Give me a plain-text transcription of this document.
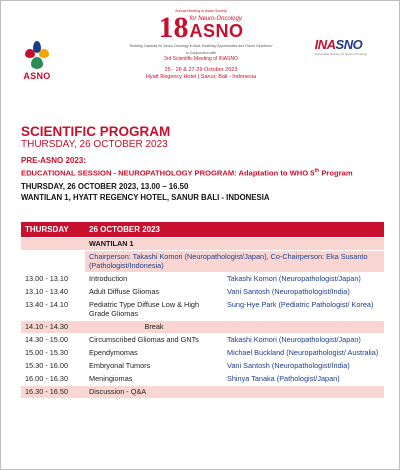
ASNO
Annual Meeting of Asian Society
18 for Neuro-Oncology
ASNO
"Building Capacity for Neuro-Oncology in Asia: Enabling Opportunities and Future Directions"
In Conjunction with
3rd Scientific Meeting of INASNO
25 - 26 & 27-29 October 2023
Hyatt Regency Hotel | Sanur, Bali - Indonesia
INASNO
Indonesian Society for Neuro-Oncology
SCIENTIFIC PROGRAM
THURSDAY, 26 OCTOBER 2023
PRE-ASNO 2023:
EDUCATIONAL SESSION - NEUROPATHOLOGY PROGRAM: Adaptation to WHO 5th Program
THURSDAY, 26 OCTOBER 2023, 13.00 – 16.50
WANTILAN 1, HYATT REGENCY HOTEL, SANUR BALI - INDONESIA
THURSDAY	26 OCTOBER 2023	
	WANTILAN 1	
	Chairperson: Takashi Komori (Neuropathologist/Japan), Co-Chairperson: Eka Susanto (Pathologist/Indonesia)	
13.00 - 13.10	Introduction	Takashi Komori (Neuropathologist/Japan)
13.10 - 13.40	Adult Diffuse Gliomas	Vani Santosh (Neuropathologist/India)
13.40 - 14.10	Pediatric Type Diffuse Low & High Grade Gliomas	Sung-Hye Park (Pediatric Pathologist/ Korea)
14.10 - 14.30	Break	
14.30 - 15.00	Circumscribed Gliomas and GNTs	Takashi Komori (Neuropathologist/Japan)
15.00 - 15.30	Ependymomas	Michael Buckland (Neuropathologist/ Australia)
15.30 - 16.00	Embryonal Tumors	Vani Santosh (Neuropathologist/India)
16.00 - 16.30	Meningiomas	Shinya Tanaka (Pathologist/Japan)
16.30 - 16.50	Discussion - Q&A	
